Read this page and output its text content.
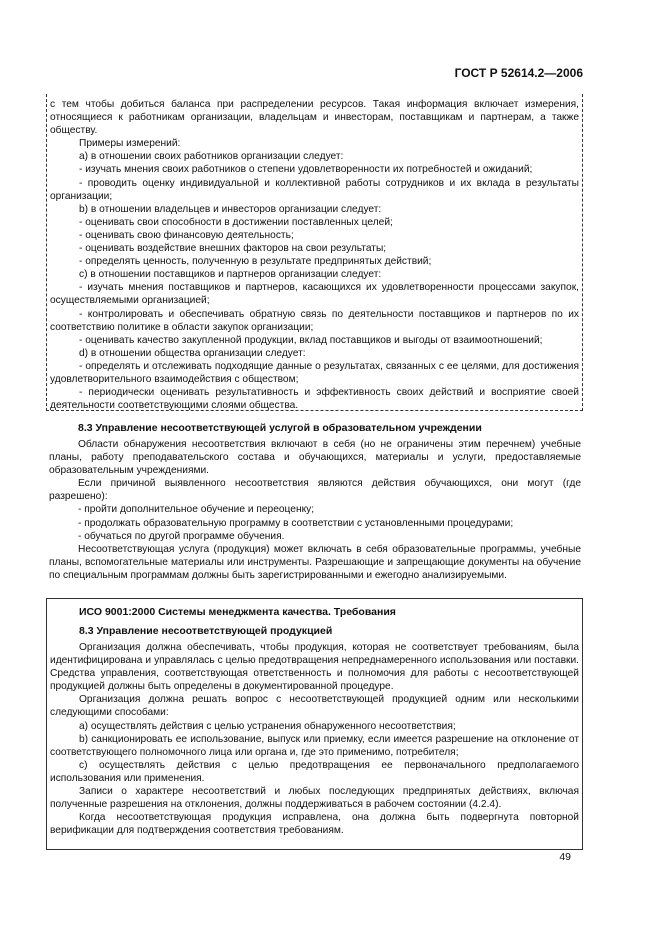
ГОСТ Р 52614.2—2006

с тем чтобы добиться баланса при распределении ресурсов. Такая информация включает измерения, относящиеся к работникам организации, владельцам и инвесторам, поставщикам и партнерам, а также обществу.

Примеры измерений:

а) в отношении своих работников организации следует:

- изучать мнения своих работников о степени удовлетворенности их потребностей и ожиданий;

- проводить оценку индивидуальной и коллективной работы сотрудников и их вклада в результаты организации;

b) в отношении владельцев и инвесторов организации следует:

- оценивать свои способности в достижении поставленных целей;

- оценивать свою финансовую деятельность;

- оценивать воздействие внешних факторов на свои результаты;

- определять ценность, полученную в результате предпринятых действий;

с) в отношении поставщиков и партнеров организации следует:

- изучать мнения поставщиков и партнеров, касающихся их удовлетворенности процессами закупок, осуществляемыми организацией;

- контролировать и обеспечивать обратную связь по деятельности поставщиков и партнеров по их соответствию политике в области закупок организации;

- оценивать качество закупленной продукции, вклад поставщиков и выгоды от взаимоотношений;

d) в отношении общества организации следует:

- определять и отслеживать подходящие данные о результатах, связанных с ее целями, для достижения удовлетворительного взаимодействия с обществом;

- периодически оценивать результативность и эффективность своих действий и восприятие своей деятельности соответствующими слоями общества.

8.3 Управление несоответствующей услугой в образовательном учреждении

Области обнаружения несоответствия включают в себя (но не ограничены этим перечнем) учебные планы, работу преподавательского состава и обучающихся, материалы и услуги, предоставляемые образовательным учреждениями.

Если причиной выявленного несоответствия являются действия обучающихся, они могут (где разрешено):

- пройти дополнительное обучение и переоценку;

- продолжать образовательную программу в соответствии с установленными процедурами;

- обучаться по другой программе обучения.

Несоответствующая услуга (продукция) может включать в себя образовательные программы, учебные планы, вспомогательные материалы или инструменты. Разрешающие и запрещающие документы на обучение по специальным программам должны быть зарегистрированными и ежегодно анализируемыми.

ИСО 9001:2000 Системы менеджмента качества. Требования
8.3 Управление несоответствующей продукцией

Организация должна обеспечивать, чтобы продукция, которая не соответствует требованиям, была идентифицирована и управлялась с целью предотвращения непреднамеренного использования или поставки. Средства управления, соответствующая ответственность и полномочия для работы с несоответствующей продукцией должны быть определены в документированной процедуре.

Организация должна решать вопрос с несоответствующей продукцией одним или несколькими следующими способами:

a) осуществлять действия с целью устранения обнаруженного несоответствия;

b) санкционировать ее использование, выпуск или приемку, если имеется разрешение на отклонение от соответствующего полномочного лица или органа и, где это применимо, потребителя;

c) осуществлять действия с целью предотвращения ее первоначального предполагаемого использования или применения.

Записи о характере несоответствий и любых последующих предпринятых действиях, включая полученные разрешения на отклонения, должны поддерживаться в рабочем состоянии (4.2.4).

Когда несоответствующая продукция исправлена, она должна быть подвергнута повторной верификации для подтверждения соответствия требованиям.

49
